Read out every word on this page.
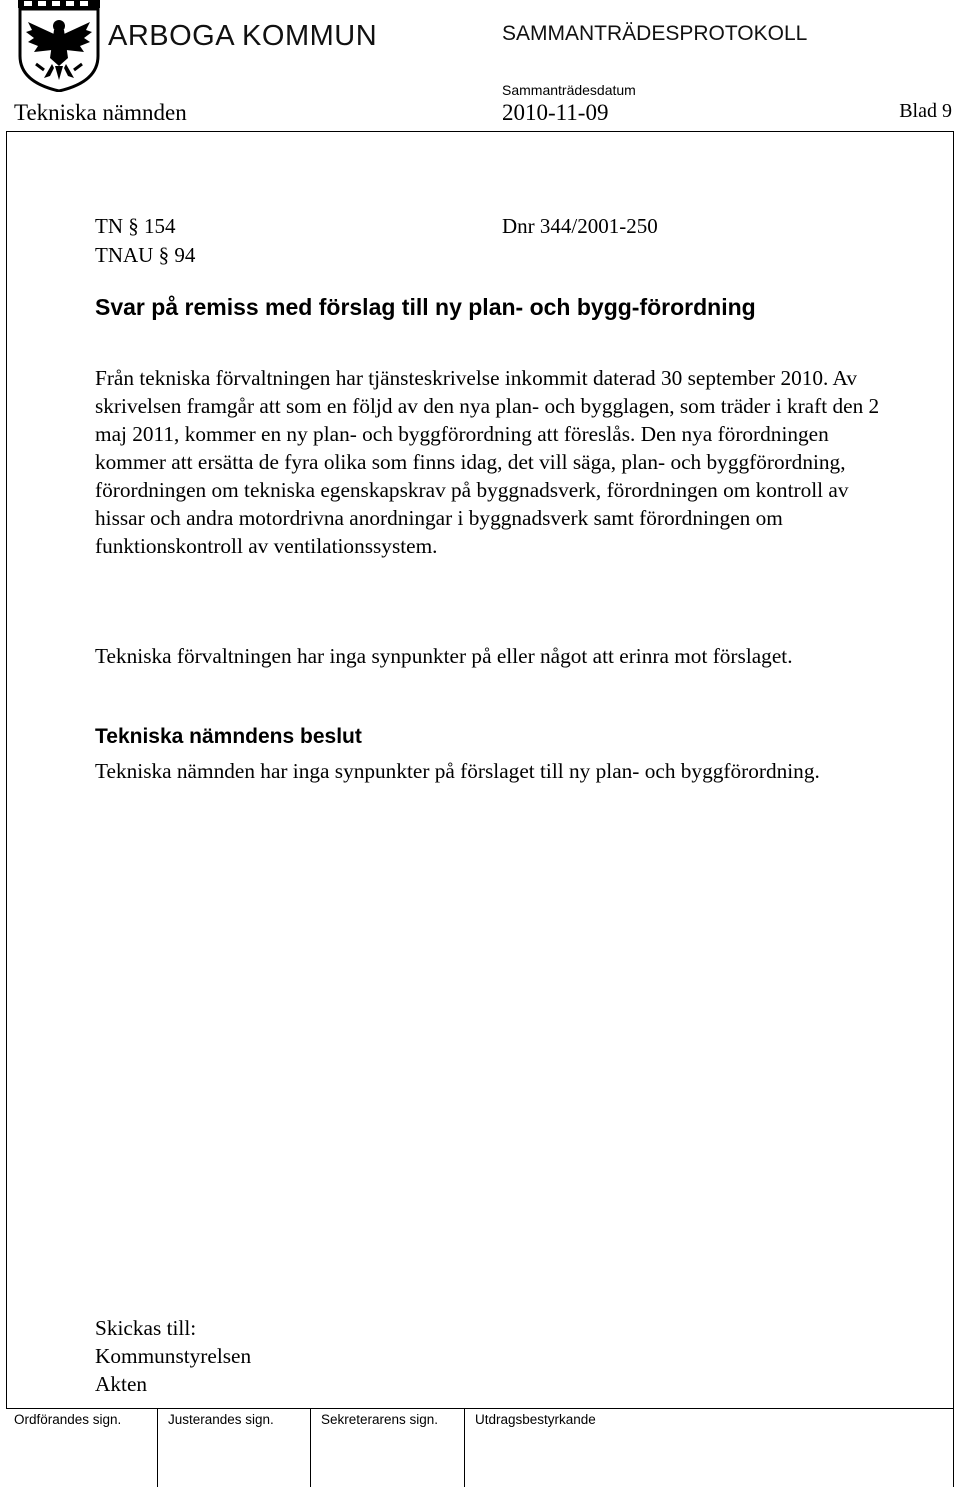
ARBOGA KOMMUN	SAMMANTRÄDESPROTOKOLL
Sammanträdesdatum
Tekniska nämnden	2010-11-09	Blad 9
TN § 154
TNAU § 94
Dnr 344/2001-250
Svar på remiss med förslag till ny plan- och bygg-förordning
Från tekniska förvaltningen har tjänsteskrivelse inkommit daterad 30 september 2010. Av skrivelsen framgår att som en följd av den nya plan- och bygglagen, som träder i kraft den 2 maj 2011, kommer en ny plan- och byggförordning att föreslås. Den nya förordningen kommer att ersätta de fyra olika som finns idag, det vill säga, plan- och byggförordning, förordningen om tekniska egenskapskrav på byggnadsverk, förordningen om kontroll av hissar och andra motordrivna anordningar i byggnadsverk samt förordningen om funktionskontroll av ventilationssystem.
Tekniska förvaltningen har inga synpunkter på eller något att erinra mot förslaget.
Tekniska nämndens beslut
Tekniska nämnden har inga synpunkter på förslaget till ny plan- och byggförordning.
Skickas till:
Kommunstyrelsen
Akten
Ordförandes sign.	Justerandes sign.	Sekreterarens sign.	Utdragsbestyrkande
